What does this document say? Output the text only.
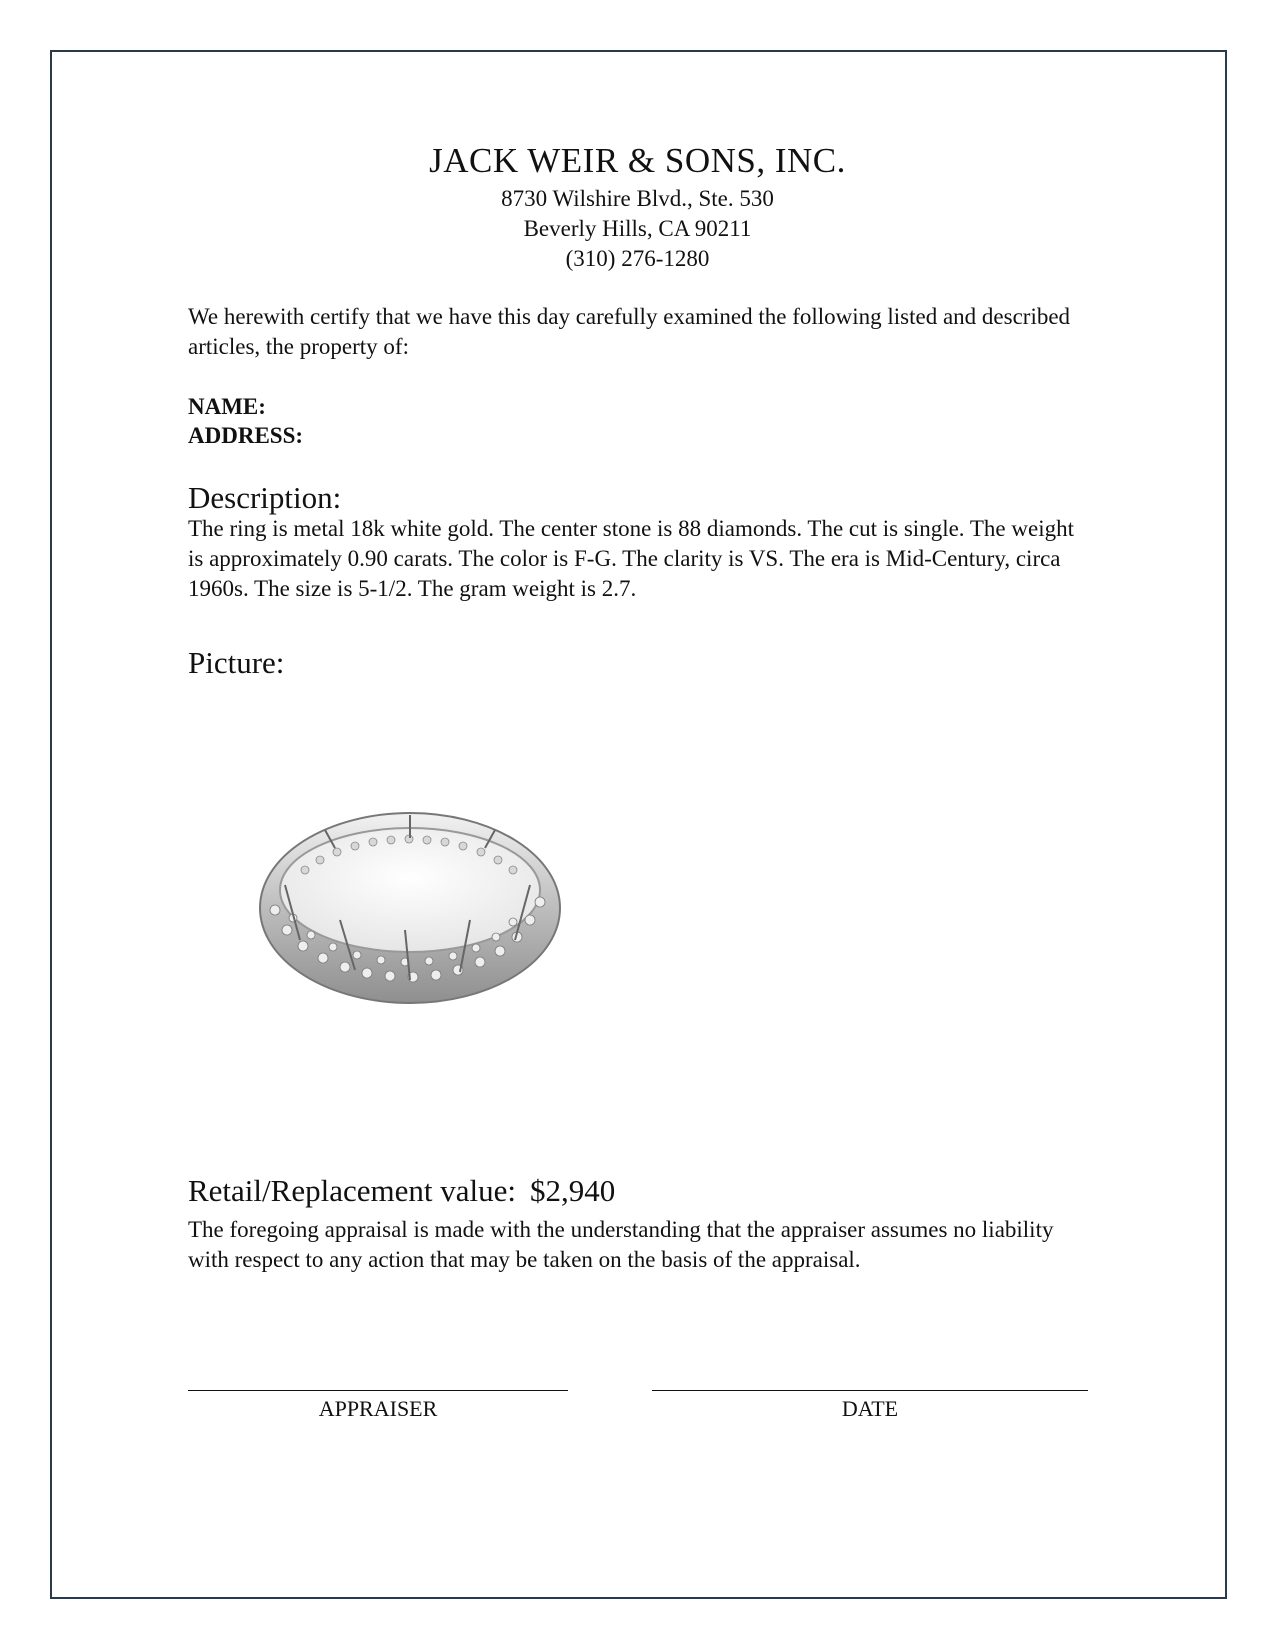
JACK WEIR & SONS, INC.
8730 Wilshire Blvd., Ste. 530
Beverly Hills, CA 90211
(310) 276-1280
We herewith certify that we have this day carefully examined the following listed and described articles, the property of:
NAME:
ADDRESS:
Description:
The ring is metal 18k white gold. The center stone is 88 diamonds. The cut is single. The weight is approximately 0.90 carats. The color is F-G. The clarity is VS. The era is Mid-Century, circa 1960s. The size is 5-1/2. The gram weight is 2.7.
Picture:
Retail/Replacement value: $2,940
The foregoing appraisal is made with the understanding that the appraiser assumes no liability with respect to any action that may be taken on the basis of the appraisal.
APPRAISER	DATE
